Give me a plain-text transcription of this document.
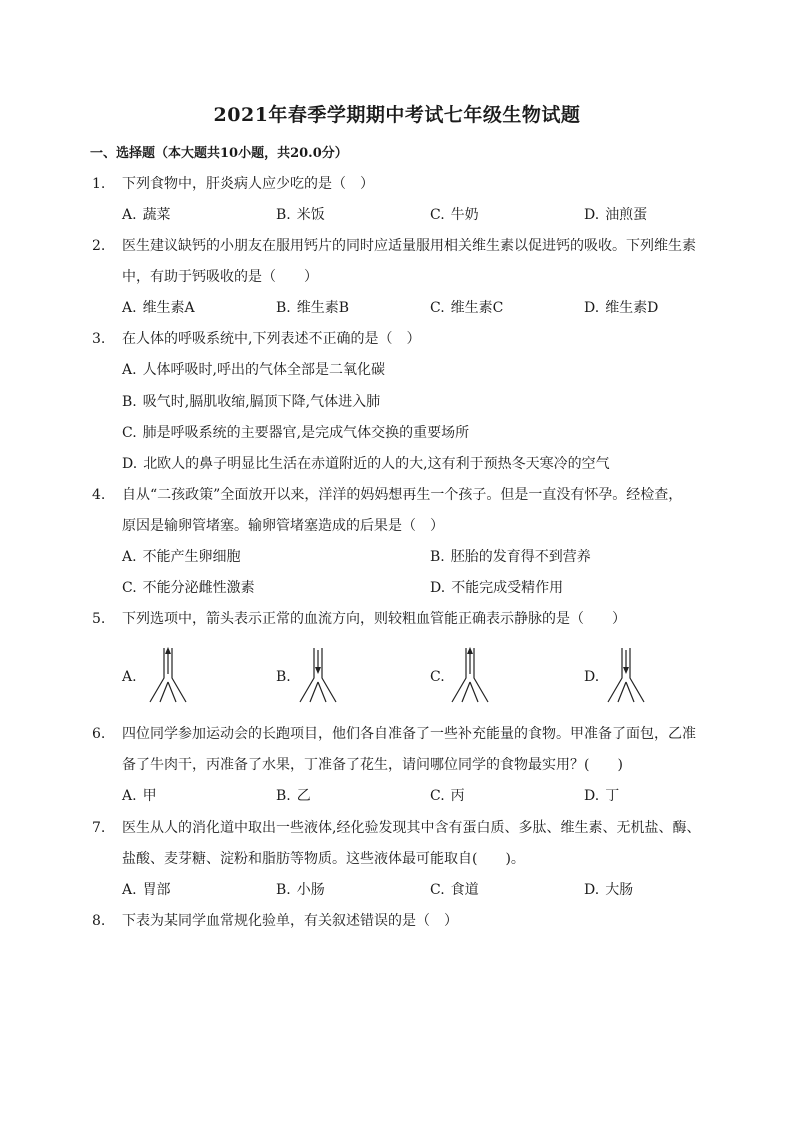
2021年春季学期期中考试七年级生物试题
一、选择题（本大题共10小题，共20.0分）
1. 下列食物中，肝炎病人应少吃的是（　）
A. 蔬菜	B. 米饭	C. 牛奶	D. 油煎蛋
2. 医生建议缺钙的小朋友在服用钙片的同时应适量服用相关维生素以促进钙的吸收。下列维生素
中，有助于钙吸收的是（　　）
A. 维生素A	B. 维生素B	C. 维生素C	D. 维生素D
3. 在人体的呼吸系统中,下列表述不正确的是（　）
A. 人体呼吸时,呼出的气体全部是二氧化碳
B. 吸气时,膈肌收缩,膈顶下降,气体进入肺
C. 肺是呼吸系统的主要器官,是完成气体交换的重要场所
D. 北欧人的鼻子明显比生活在赤道附近的人的大,这有利于预热冬天寒冷的空气
4. 自从“二孩政策”全面放开以来，洋洋的妈妈想再生一个孩子。但是一直没有怀孕。经检查，
原因是输卵管堵塞。输卵管堵塞造成的后果是（　）
A. 不能产生卵细胞	B. 胚胎的发育得不到营养
C. 不能分泌雌性激素	D. 不能完成受精作用
5. 下列选项中，箭头表示正常的血流方向，则较粗血管能正确表示静脉的是（　　）
A.	B.	C.	D.
6. 四位同学参加运动会的长跑项目，他们各自准备了一些补充能量的食物。甲准备了面包，乙准
备了牛肉干，丙准备了水果，丁准备了花生，请问哪位同学的食物最实用？(　　)
A. 甲	B. 乙	C. 丙	D. 丁
7. 医生从人的消化道中取出一些液体,经化验发现其中含有蛋白质、多肽、维生素、无机盐、酶、
盐酸、麦芽糖、淀粉和脂肪等物质。这些液体最可能取自(　　)。
A. 胃部	B. 小肠	C. 食道	D. 大肠
8. 下表为某同学血常规化验单，有关叙述错误的是（　）
